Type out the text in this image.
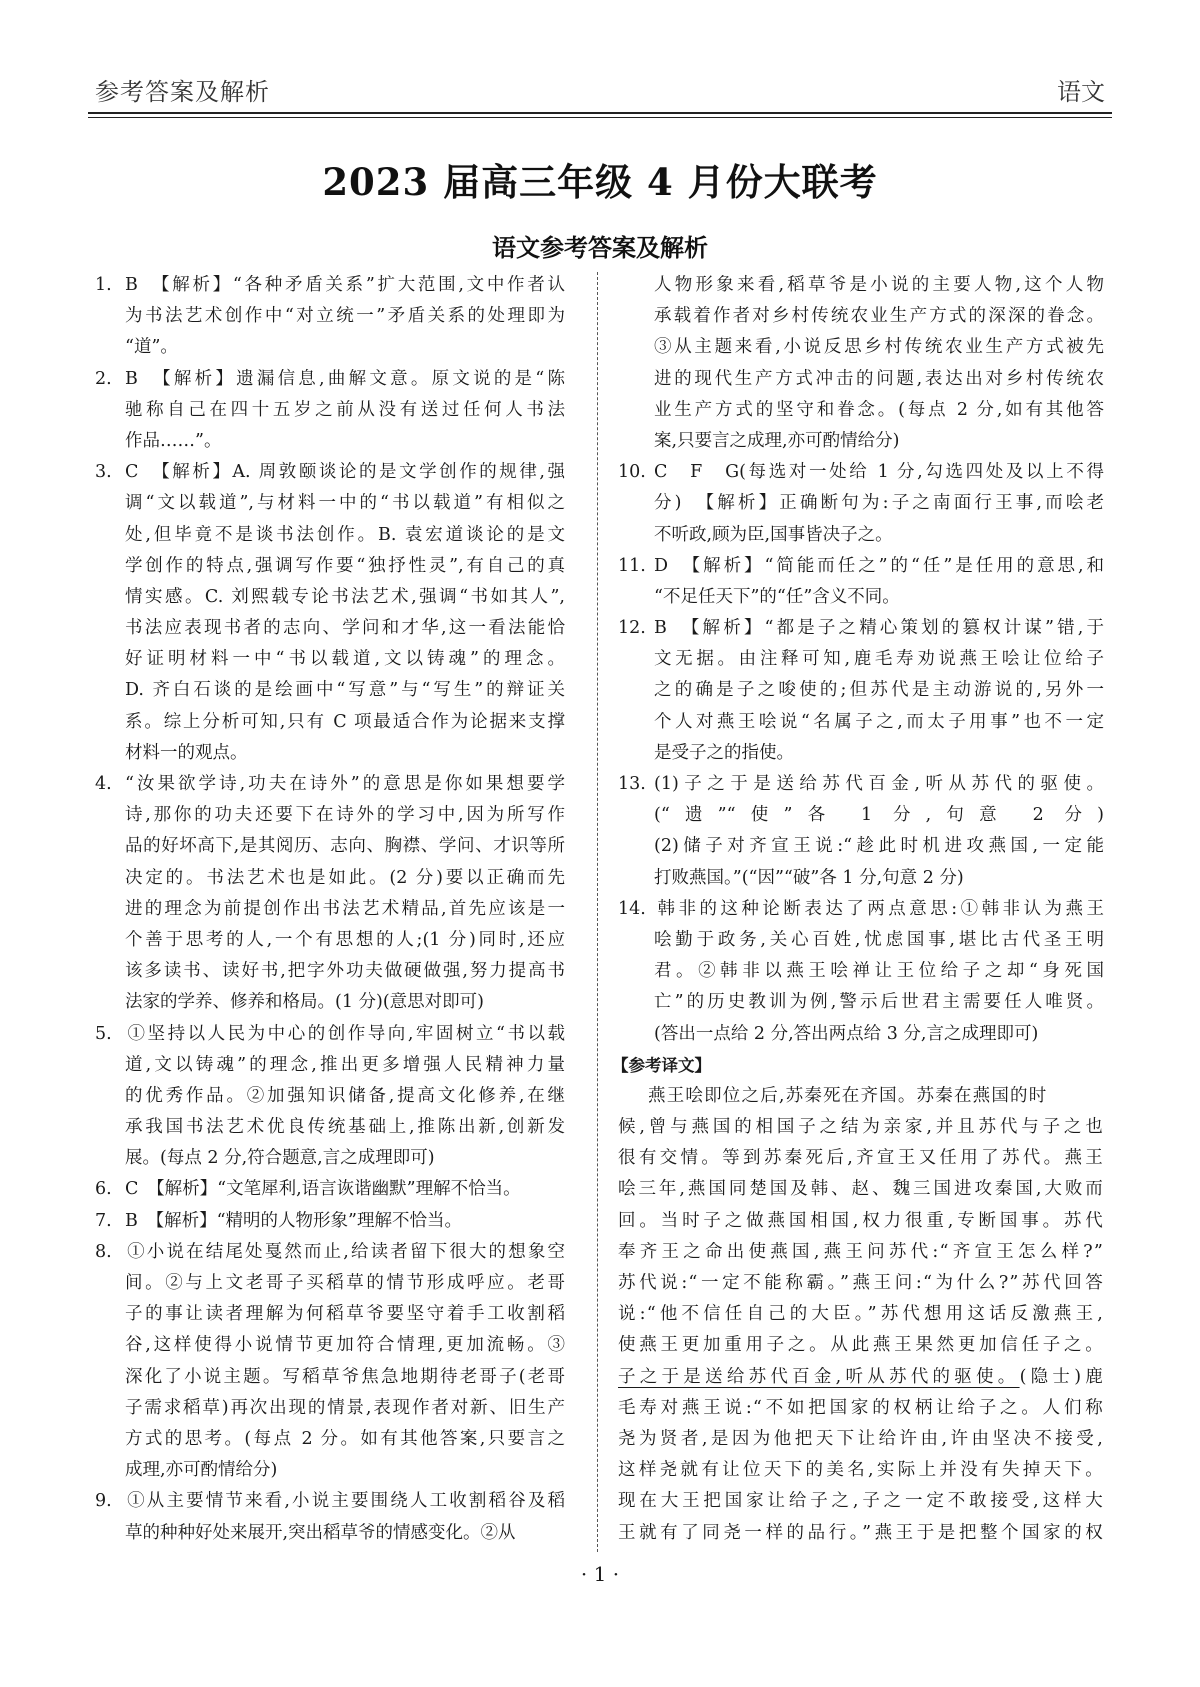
参考答案及解析	语文
2023 届高三年级 4 月份大联考
语文参考答案及解析
1. B　【解析】“各种矛盾关系”扩大范围,文中作者认
为书法艺术创作中“对立统一”矛盾关系的处理即为
“道”。
2. B　【解析】遗漏信息,曲解文意。原文说的是“陈
驰称自己在四十五岁之前从没有送过任何人书法
作品……”。
3. C　【解析】A. 周敦颐谈论的是文学创作的规律,强
调“文以载道”,与材料一中的“书以载道”有相似之
处,但毕竟不是谈书法创作。B. 袁宏道谈论的是文
学创作的特点,强调写作要“独抒性灵”,有自己的真
情实感。C. 刘熙载专论书法艺术,强调“书如其人”,
书法应表现书者的志向、学问和才华,这一看法能恰
好证明材料一中“书以载道,文以铸魂”的理念。
D. 齐白石谈的是绘画中“写意”与“写生”的辩证关
系。综上分析可知,只有 C 项最适合作为论据来支撑
材料一的观点。
4. “汝果欲学诗,功夫在诗外”的意思是你如果想要学
诗,那你的功夫还要下在诗外的学习中,因为所写作
品的好坏高下,是其阅历、志向、胸襟、学问、才识等所
决定的。书法艺术也是如此。(2 分)要以正确而先
进的理念为前提创作出书法艺术精品,首先应该是一
个善于思考的人,一个有思想的人;(1 分)同时,还应
该多读书、读好书,把字外功夫做硬做强,努力提高书
法家的学养、修养和格局。(1 分)(意思对即可)
5. ①坚持以人民为中心的创作导向,牢固树立“书以载
道,文以铸魂”的理念,推出更多增强人民精神力量
的优秀作品。②加强知识储备,提高文化修养,在继
承我国书法艺术优良传统基础上,推陈出新,创新发
展。(每点 2 分,符合题意,言之成理即可)
6. C　【解析】“文笔犀利,语言诙谐幽默”理解不恰当。
7. B　【解析】“精明的人物形象”理解不恰当。
8. ①小说在结尾处戛然而止,给读者留下很大的想象空
间。②与上文老哥子买稻草的情节形成呼应。老哥
子的事让读者理解为何稻草爷要坚守着手工收割稻
谷,这样使得小说情节更加符合情理,更加流畅。③
深化了小说主题。写稻草爷焦急地期待老哥子(老哥
子需求稻草)再次出现的情景,表现作者对新、旧生产
方式的思考。(每点 2 分。如有其他答案,只要言之
成理,亦可酌情给分)
9. ①从主要情节来看,小说主要围绕人工收割稻谷及稻
草的种种好处来展开,突出稻草爷的情感变化。②从
人物形象来看,稻草爷是小说的主要人物,这个人物
承载着作者对乡村传统农业生产方式的深深的眷念。
③从主题来看,小说反思乡村传统农业生产方式被先
进的现代生产方式冲击的问题,表达出对乡村传统农
业生产方式的坚守和眷念。(每点 2 分,如有其他答
案,只要言之成理,亦可酌情给分)
10. C　F　G(每选对一处给 1 分,勾选四处及以上不得
分)　【解析】正确断句为:子之南面行王事,而哙老
不听政,顾为臣,国事皆决子之。
11. D　【解析】“简能而任之”的“任”是任用的意思,和
“不足任天下”的“任”含义不同。
12. B　【解析】“都是子之精心策划的篡权计谋”错,于
文无据。由注释可知,鹿毛寿劝说燕王哙让位给子
之的确是子之唆使的;但苏代是主动游说的,另外一
个人对燕王哙说“名属子之,而太子用事”也不一定
是受子之的指使。
13. (1)子之于是送给苏代百金,听从苏代的驱使。
(“遗”“使”各 1 分,句意 2 分)
(2)储子对齐宣王说:“趁此时机进攻燕国,一定能
打败燕国。”(“因”“破”各 1 分,句意 2 分)
14. 韩非的这种论断表达了两点意思:①韩非认为燕王
哙勤于政务,关心百姓,忧虑国事,堪比古代圣王明
君。②韩非以燕王哙禅让王位给子之却“身死国
亡”的历史教训为例,警示后世君主需要任人唯贤。
(答出一点给 2 分,答出两点给 3 分,言之成理即可)
【参考译文】
燕王哙即位之后,苏秦死在齐国。苏秦在燕国的时
候,曾与燕国的相国子之结为亲家,并且苏代与子之也
很有交情。等到苏秦死后,齐宣王又任用了苏代。燕王
哙三年,燕国同楚国及韩、赵、魏三国进攻秦国,大败而
回。当时子之做燕国相国,权力很重,专断国事。苏代
奉齐王之命出使燕国,燕王问苏代:“齐宣王怎么样?”
苏代说:“一定不能称霸。”燕王问:“为什么?”苏代回答
说:“他不信任自己的大臣。”苏代想用这话反激燕王,
使燕王更加重用子之。从此燕王果然更加信任子之。
子之于是送给苏代百金,听从苏代的驱使。(隐士)鹿
毛寿对燕王说:“不如把国家的权柄让给子之。人们称
尧为贤者,是因为他把天下让给许由,许由坚决不接受,
这样尧就有让位天下的美名,实际上并没有失掉天下。
现在大王把国家让给子之,子之一定不敢接受,这样大
王就有了同尧一样的品行。”燕王于是把整个国家的权
· 1 ·
